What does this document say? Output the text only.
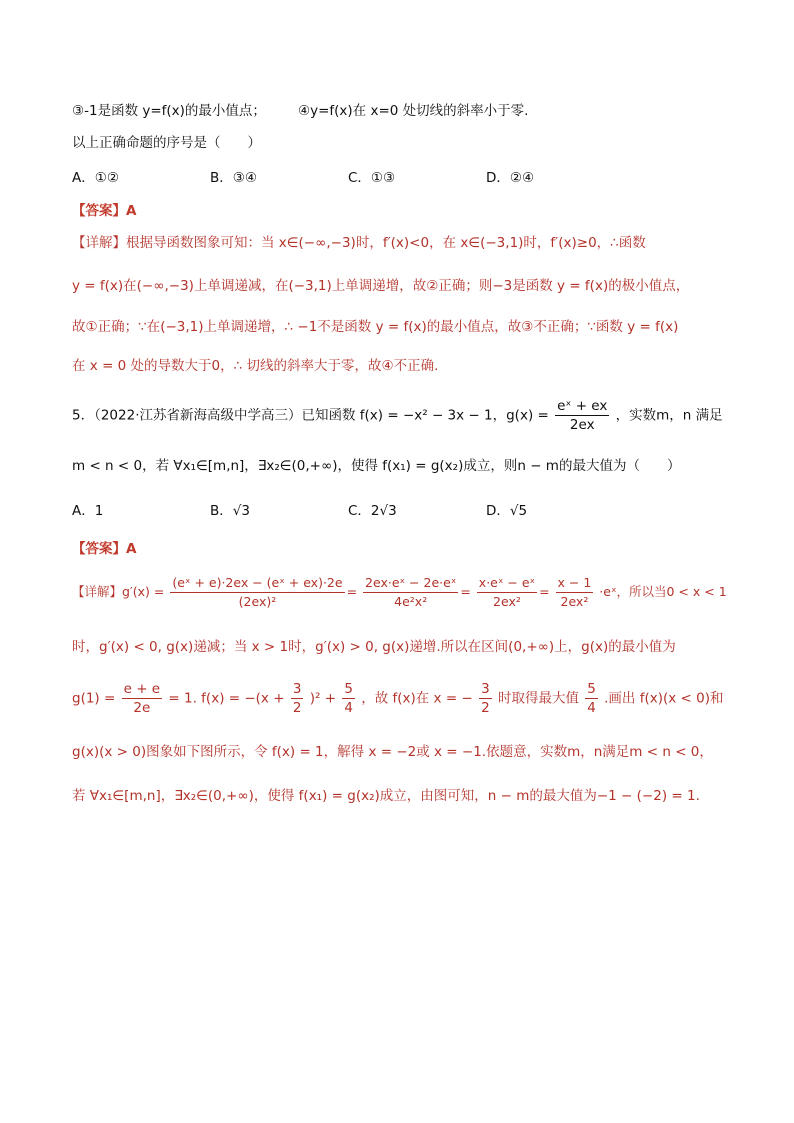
③-1是函数 y=f(x)的最小值点； ④y=f(x)在 x=0 处切线的斜率小于零.
以上正确命题的序号是（　　）
A．①②	B．③④	C．①③	D．②④
【答案】A
【详解】根据导函数图象可知：当 x∈(−∞,−3)时，f′(x)<0，在 x∈(−3,1)时，f′(x)≥0，∴函数
y = f(x)在(−∞,−3)上单调递减，在(−3,1)上单调递增，故②正确；则−3是函数 y = f(x)的极小值点，
故①正确；∵在(−3,1)上单调递增，∴ −1不是函数 y = f(x)的最小值点，故③不正确；∵函数 y = f(x)
在 x = 0 处的导数大于0，∴ 切线的斜率大于零，故④不正确.
5．（2022·江苏省新海高级中学高三）已知函数 f(x) = −x² − 3x − 1，$g(x) = \frac{\text{eˣ + ex}}{2ex}$ ，实数m，n 满足
m < n < 0，若 ∀x₁∈[m,n]，∃x₂∈(0,+∞)，使得 f(x₁) = g(x₂)成立，则n − m的最大值为（　　）
A．1	B．√3	C．2√3	D．√5
【答案】A
【详解】$g'(x) = \frac{\text{(eˣ + e)·2ex − (eˣ + ex)·2e}}{\text{(2ex)²}} = \frac{\text{2ex·eˣ − 2e·eˣ}}{\text{4e²x²}} = \frac{\text{x·eˣ − eˣ}}{\text{2ex²}} = \frac{x - 1}{\text{2ex²}}$ ·eˣ，所以当0 < x < 1
时，g′(x) < 0, g(x)递减；当 x > 1时，g′(x) > 0, g(x)递增.所以在区间(0,+∞)上，g(x)的最小值为
$g(1) = \frac{e + e}{2e} = 1$. $f(x) = -(x + \frac{3}{2} )^2 + \frac{5}{4}$ ，故 f(x)在 x = − $\frac{3}{2}$ 时取得最大值 $\frac{5}{4}$ .画出 f(x)(x < 0)和
g(x)(x > 0)图象如下图所示，令 f(x) = 1，解得 x = −2或 x = −1.依题意，实数m，n满足m < n < 0，
若 ∀x₁∈[m,n]，∃x₂∈(0,+∞)，使得 f(x₁) = g(x₂)成立，由图可知，n − m的最大值为−1 − (−2) = 1.
